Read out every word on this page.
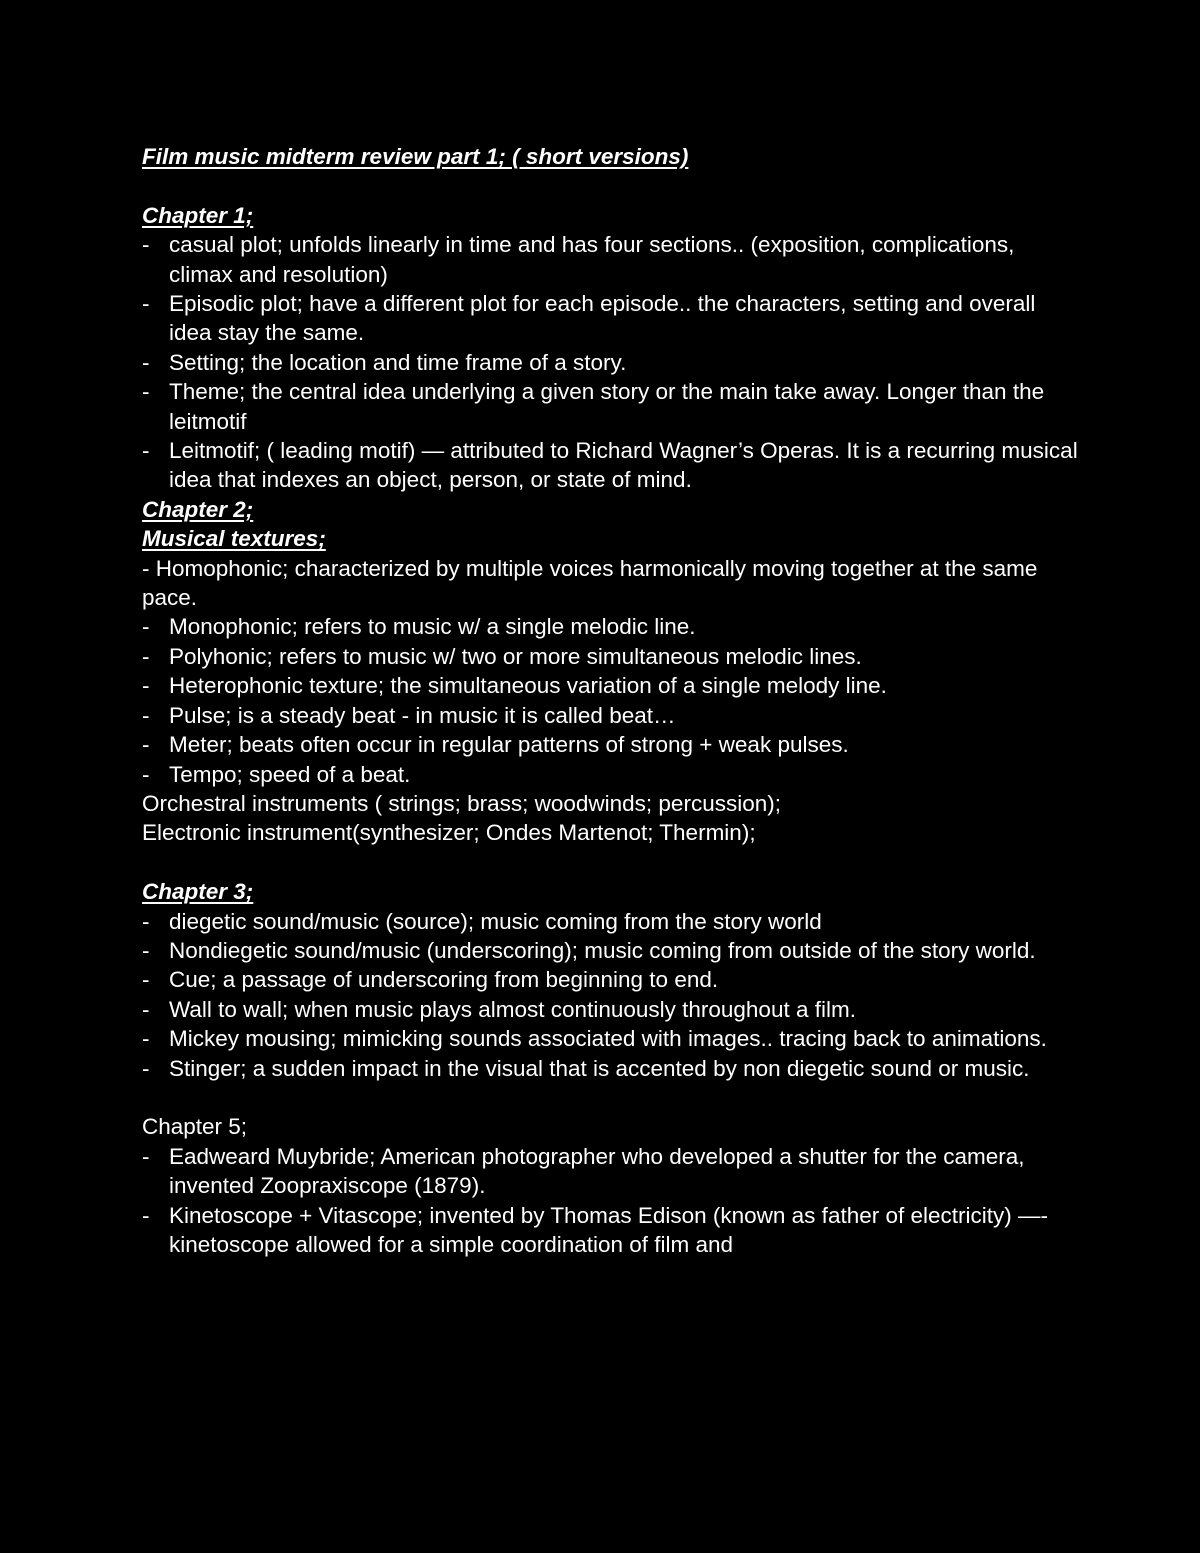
Film music midterm review part 1; ( short versions)
Chapter 1;
- casual plot; unfolds linearly in time and has four sections.. (exposition, complications, climax and resolution)
- Episodic plot; have a different plot for each episode.. the characters, setting and overall idea stay the same.
- Setting; the location and time frame of a story.
- Theme; the central idea underlying a given story or the main take away. Longer than the leitmotif
- Leitmotif; ( leading motif) — attributed to Richard Wagner’s Operas. It is a recurring musical idea that indexes an object, person, or state of mind.
Chapter 2;
Musical textures;

- Homophonic; characterized by multiple voices harmonically moving together at the same pace.

- Monophonic; refers to music w/ a single melodic line.
- Polyhonic; refers to music w/ two or more simultaneous melodic lines.
- Heterophonic texture; the simultaneous variation of a single melody line.
- Pulse; is a steady beat - in music it is called beat…
- Meter; beats often occur in regular patterns of strong + weak pulses.
- Tempo; speed of a beat.

Orchestral instruments ( strings; brass; woodwinds; percussion);

Electronic instrument(synthesizer; Ondes Martenot; Thermin);

Chapter 3;
- diegetic sound/music (source); music coming from the story world
- Nondiegetic sound/music (underscoring); music coming from outside of the story world.
- Cue; a passage of underscoring from beginning to end.
- Wall to wall; when music plays almost continuously throughout a film.
- Mickey mousing; mimicking sounds associated with images.. tracing back to animations.
- Stinger; a sudden impact in the visual that is accented by non diegetic sound or music.
Chapter 5;
- Eadweard Muybride; American photographer who developed a shutter for the camera, invented Zoopraxiscope (1879).
- Kinetoscope + Vitascope; invented by Thomas Edison (known as father of electricity) —- kinetoscope allowed for a simple coordination of film and
